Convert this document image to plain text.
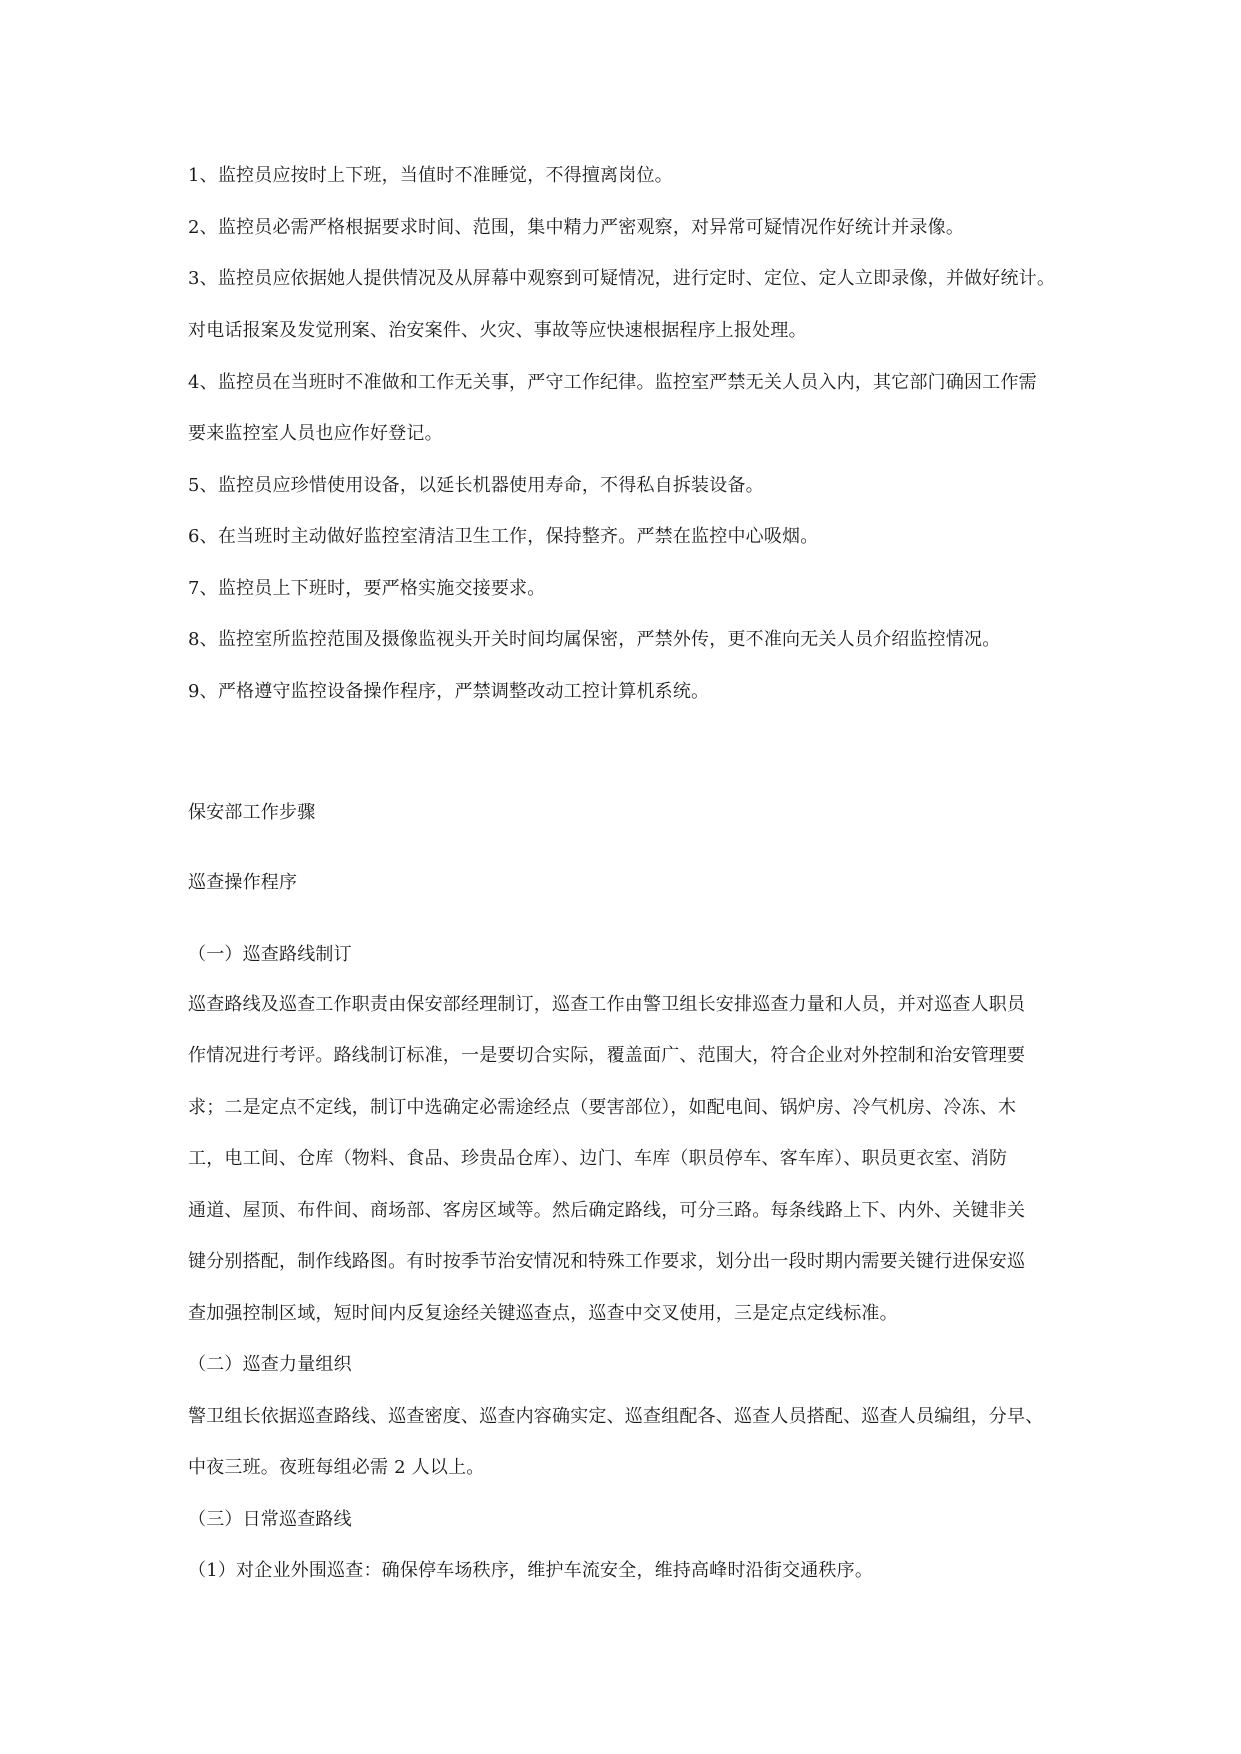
1、监控员应按时上下班，当值时不准睡觉，不得擅离岗位。
2、监控员必需严格根据要求时间、范围，集中精力严密观察，对异常可疑情况作好统计并录像。
3、监控员应依据她人提供情况及从屏幕中观察到可疑情况，进行定时、定位、定人立即录像，并做好统计。
对电话报案及发觉刑案、治安案件、火灾、事故等应快速根据程序上报处理。
4、监控员在当班时不准做和工作无关事，严守工作纪律。监控室严禁无关人员入内，其它部门确因工作需
要来监控室人员也应作好登记。
5、监控员应珍惜使用设备，以延长机器使用寿命，不得私自拆装设备。
6、在当班时主动做好监控室清洁卫生工作，保持整齐。严禁在监控中心吸烟。
7、监控员上下班时，要严格实施交接要求。
8、监控室所监控范围及摄像监视头开关时间均属保密，严禁外传，更不准向无关人员介绍监控情况。
9、严格遵守监控设备操作程序，严禁调整改动工控计算机系统。
保安部工作步骤
巡查操作程序
（一）巡查路线制订
巡查路线及巡查工作职责由保安部经理制订，巡查工作由警卫组长安排巡查力量和人员，并对巡查人职员
作情况进行考评。路线制订标准，一是要切合实际，覆盖面广、范围大，符合企业对外控制和治安管理要
求；二是定点不定线，制订中选确定必需途经点（要害部位），如配电间、锅炉房、冷气机房、冷冻、木
工，电工间、仓库（物料、食品、珍贵品仓库）、边门、车库（职员停车、客车库）、职员更衣室、消防
通道、屋顶、布件间、商场部、客房区域等。然后确定路线，可分三路。每条线路上下、内外、关键非关
键分别搭配，制作线路图。有时按季节治安情况和特殊工作要求，划分出一段时期内需要关键行进保安巡
查加强控制区域，短时间内反复途经关键巡查点，巡查中交叉使用，三是定点定线标准。
（二）巡查力量组织
警卫组长依据巡查路线、巡查密度、巡查内容确实定、巡查组配各、巡查人员搭配、巡查人员编组，分早、
中夜三班。夜班每组必需 2 人以上。
（三）日常巡查路线
（1）对企业外围巡查：确保停车场秩序，维护车流安全，维持高峰时沿街交通秩序。
